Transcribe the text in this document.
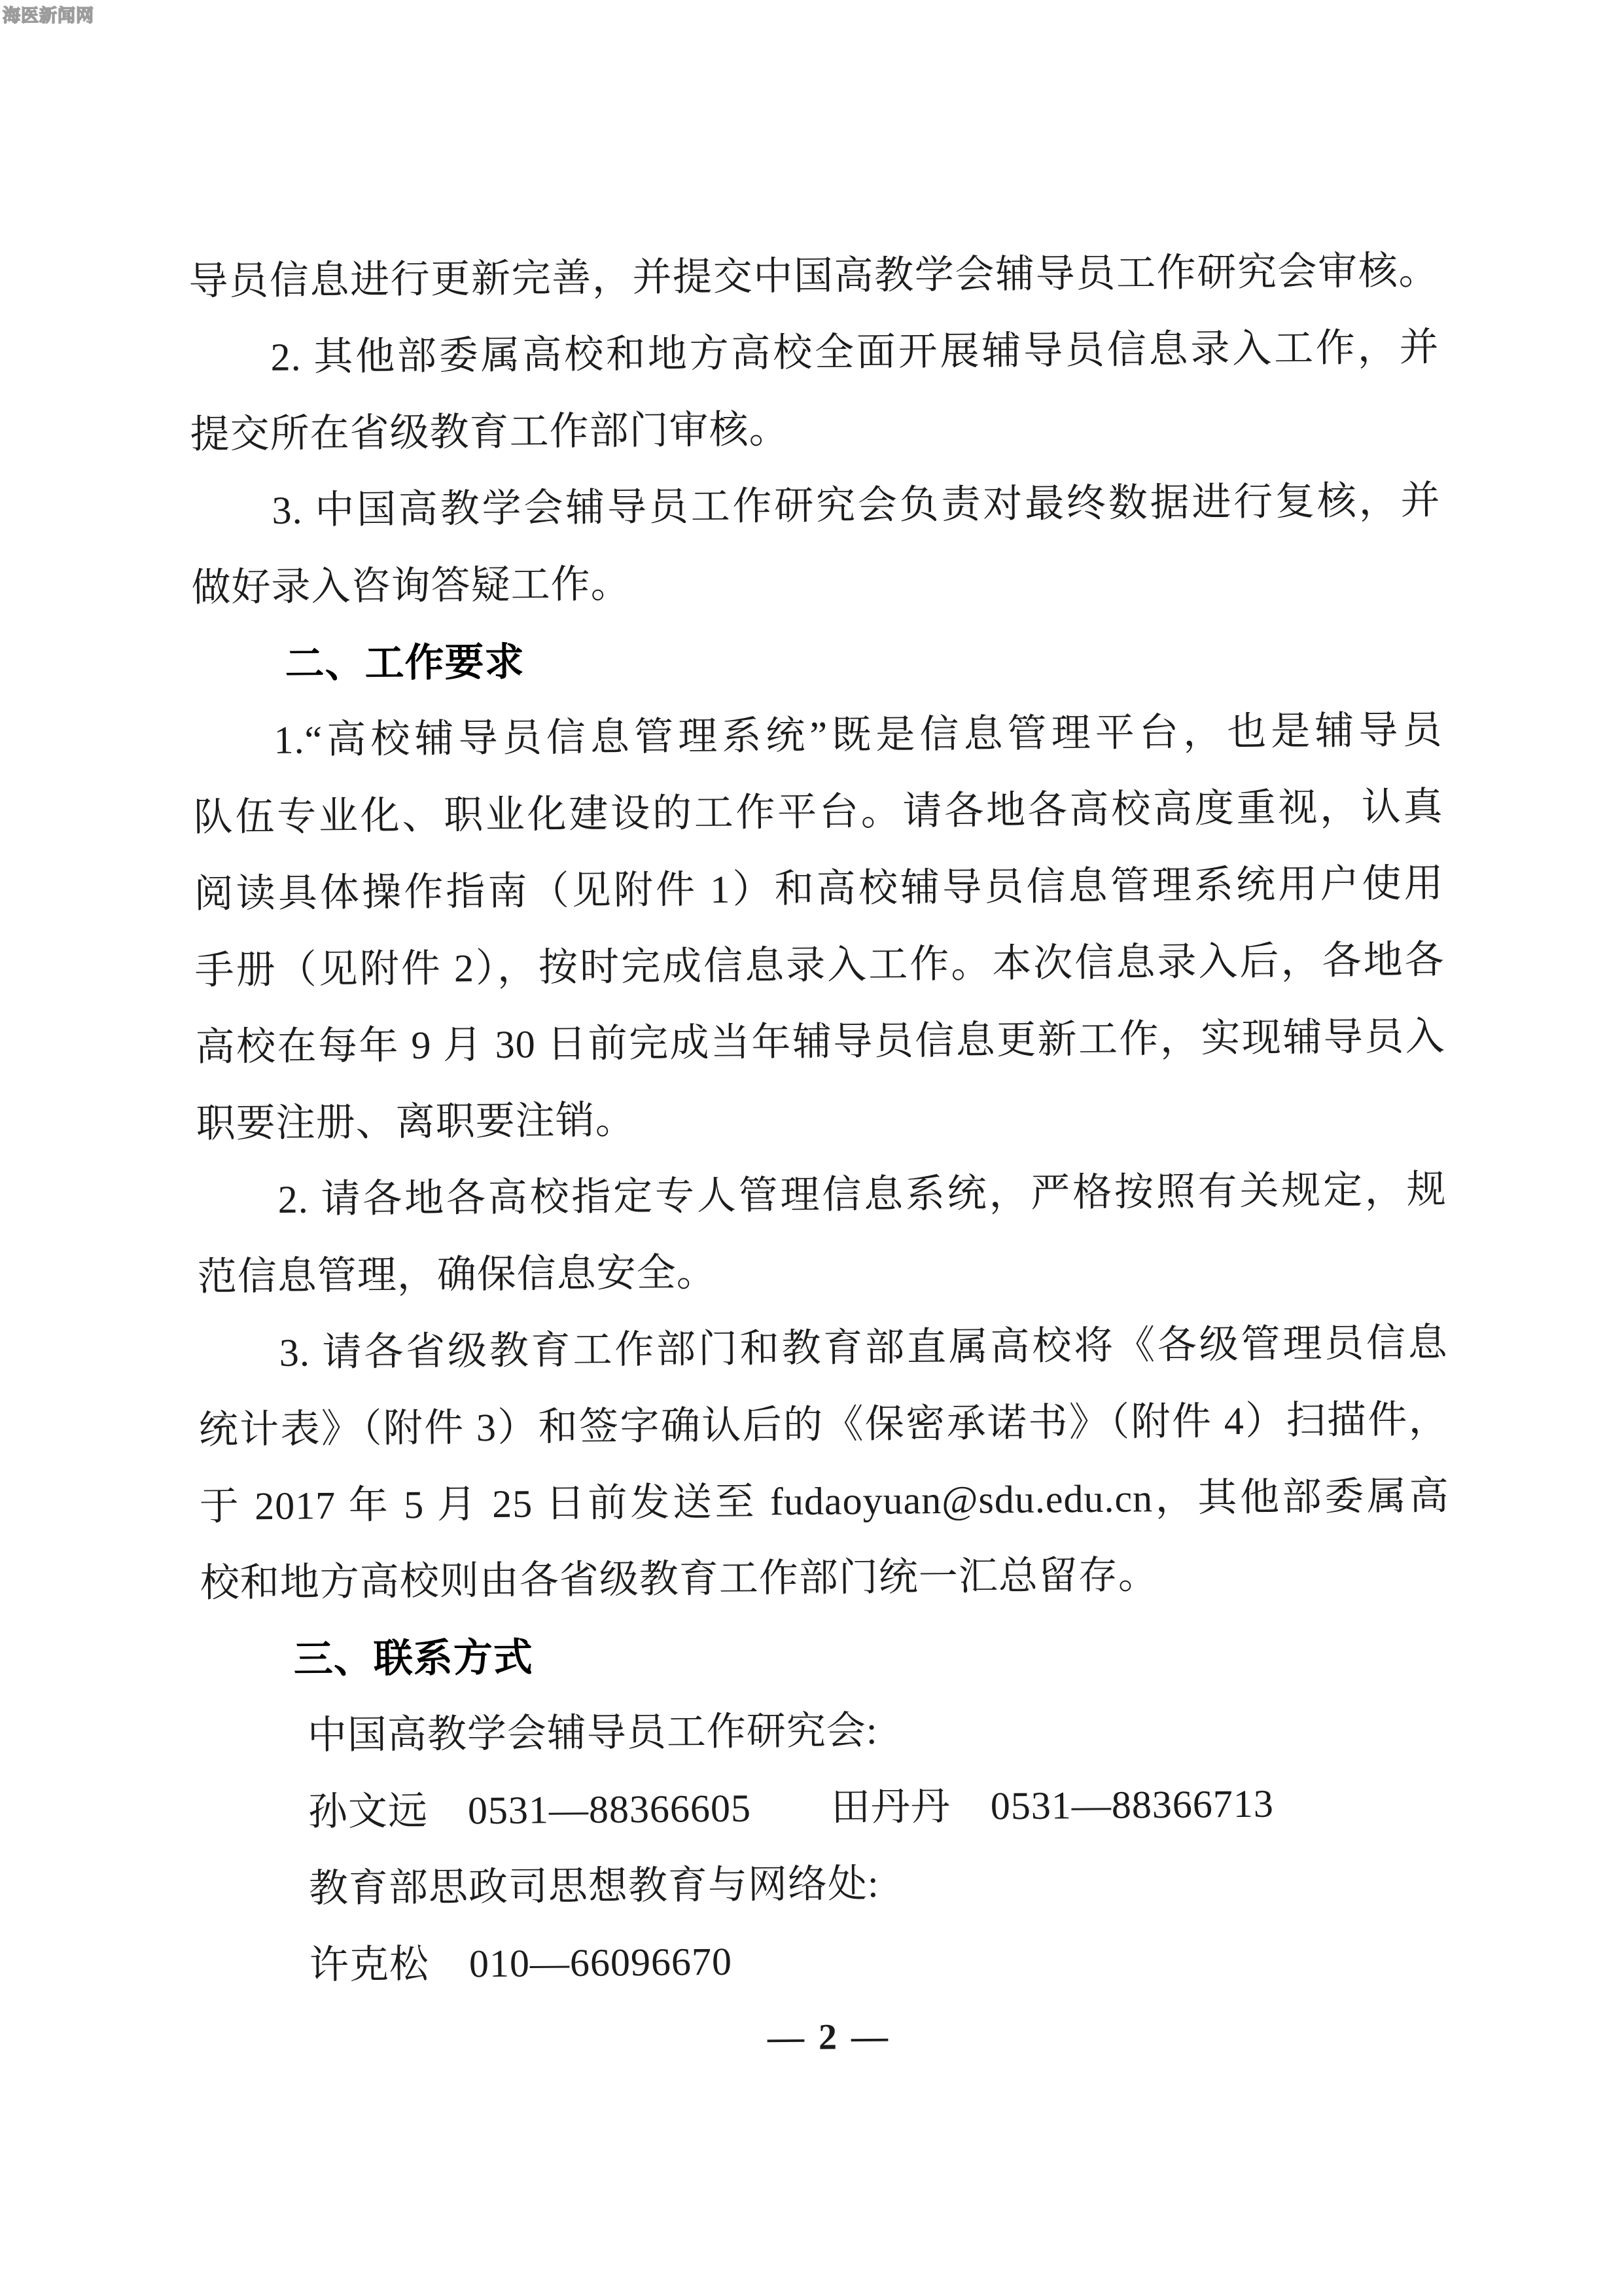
海医新闻网
导员信息进行更新完善，并提交中国高教学会辅导员工作研究会审核。
2. 其他部委属高校和地方高校全面开展辅导员信息录入工作，并
提交所在省级教育工作部门审核。
3. 中国高教学会辅导员工作研究会负责对最终数据进行复核，并
做好录入咨询答疑工作。
二、工作要求
1.“高校辅导员信息管理系统”既是信息管理平台，也是辅导员
队伍专业化、职业化建设的工作平台。请各地各高校高度重视，认真
阅读具体操作指南（见附件 1）和高校辅导员信息管理系统用户使用
手册（见附件 2），按时完成信息录入工作。本次信息录入后，各地各
高校在每年 9 月 30 日前完成当年辅导员信息更新工作，实现辅导员入
职要注册、离职要注销。
2. 请各地各高校指定专人管理信息系统，严格按照有关规定，规
范信息管理，确保信息安全。
3. 请各省级教育工作部门和教育部直属高校将《各级管理员信息
统计表》（附件 3）和签字确认后的《保密承诺书》（附件 4）扫描件，
于 2017 年 5 月 25 日前发送至 fudaoyuan@sdu.edu.cn，其他部委属高
校和地方高校则由各省级教育工作部门统一汇总留存。
三、联系方式
中国高教学会辅导员工作研究会:
孙文远　0531—88366605　　田丹丹　0531—88366713
教育部思政司思想教育与网络处:
许克松　010—66096670
— 2 —
